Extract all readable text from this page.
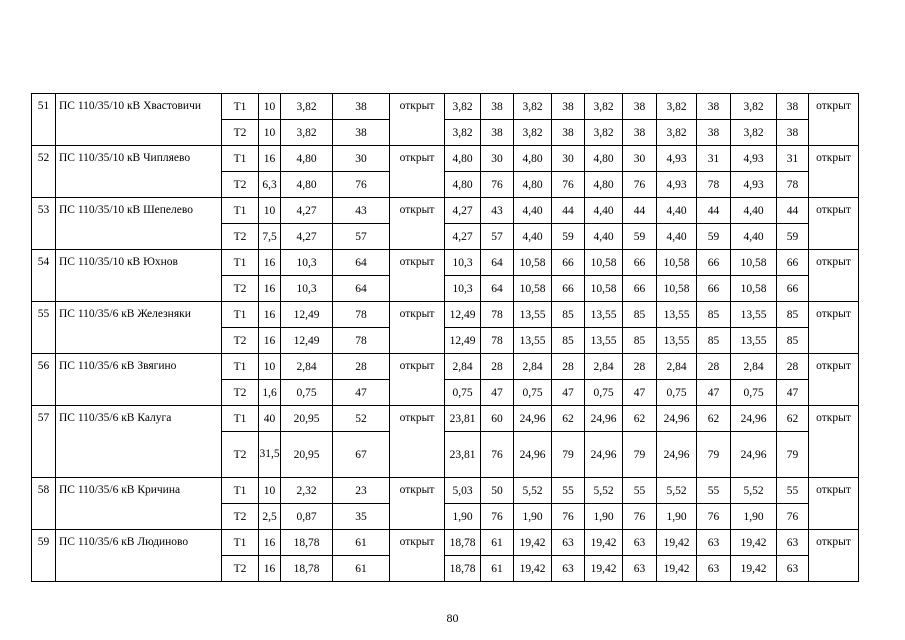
51	ПС 110/35/10 кВ Хвастовичи	Т1	10	3,82	38	открыт	3,82	38	3,82	38	3,82	38	3,82	38	3,82	38	открыт
		Т2	10	3,82	38		3,82	38	3,82	38	3,82	38	3,82	38	3,82	38	
52	ПС 110/35/10 кВ Чипляево	Т1	16	4,80	30	открыт	4,80	30	4,80	30	4,80	30	4,93	31	4,93	31	открыт
		Т2	6,3	4,80	76		4,80	76	4,80	76	4,80	76	4,93	78	4,93	78	
53	ПС 110/35/10 кВ Шепелево	Т1	10	4,27	43	открыт	4,27	43	4,40	44	4,40	44	4,40	44	4,40	44	открыт
		Т2	7,5	4,27	57		4,27	57	4,40	59	4,40	59	4,40	59	4,40	59	
54	ПС 110/35/10 кВ Юхнов	Т1	16	10,3	64	открыт	10,3	64	10,58	66	10,58	66	10,58	66	10,58	66	открыт
		Т2	16	10,3	64		10,3	64	10,58	66	10,58	66	10,58	66	10,58	66	
55	ПС 110/35/6 кВ Железняки	Т1	16	12,49	78	открыт	12,49	78	13,55	85	13,55	85	13,55	85	13,55	85	открыт
		Т2	16	12,49	78		12,49	78	13,55	85	13,55	85	13,55	85	13,55	85	
56	ПС 110/35/6 кВ Звягино	Т1	10	2,84	28	открыт	2,84	28	2,84	28	2,84	28	2,84	28	2,84	28	открыт
		Т2	1,6	0,75	47		0,75	47	0,75	47	0,75	47	0,75	47	0,75	47	
57	ПС 110/35/6 кВ Калуга	Т1	40	20,95	52	открыт	23,81	60	24,96	62	24,96	62	24,96	62	24,96	62	открыт
		Т2	31,5	20,95	67		23,81	76	24,96	79	24,96	79	24,96	79	24,96	79	
58	ПС 110/35/6 кВ Кричина	Т1	10	2,32	23	открыт	5,03	50	5,52	55	5,52	55	5,52	55	5,52	55	открыт
		Т2	2,5	0,87	35		1,90	76	1,90	76	1,90	76	1,90	76	1,90	76	
59	ПС 110/35/6 кВ Людиново	Т1	16	18,78	61	открыт	18,78	61	19,42	63	19,42	63	19,42	63	19,42	63	открыт
		Т2	16	18,78	61		18,78	61	19,42	63	19,42	63	19,42	63	19,42	63	
80
